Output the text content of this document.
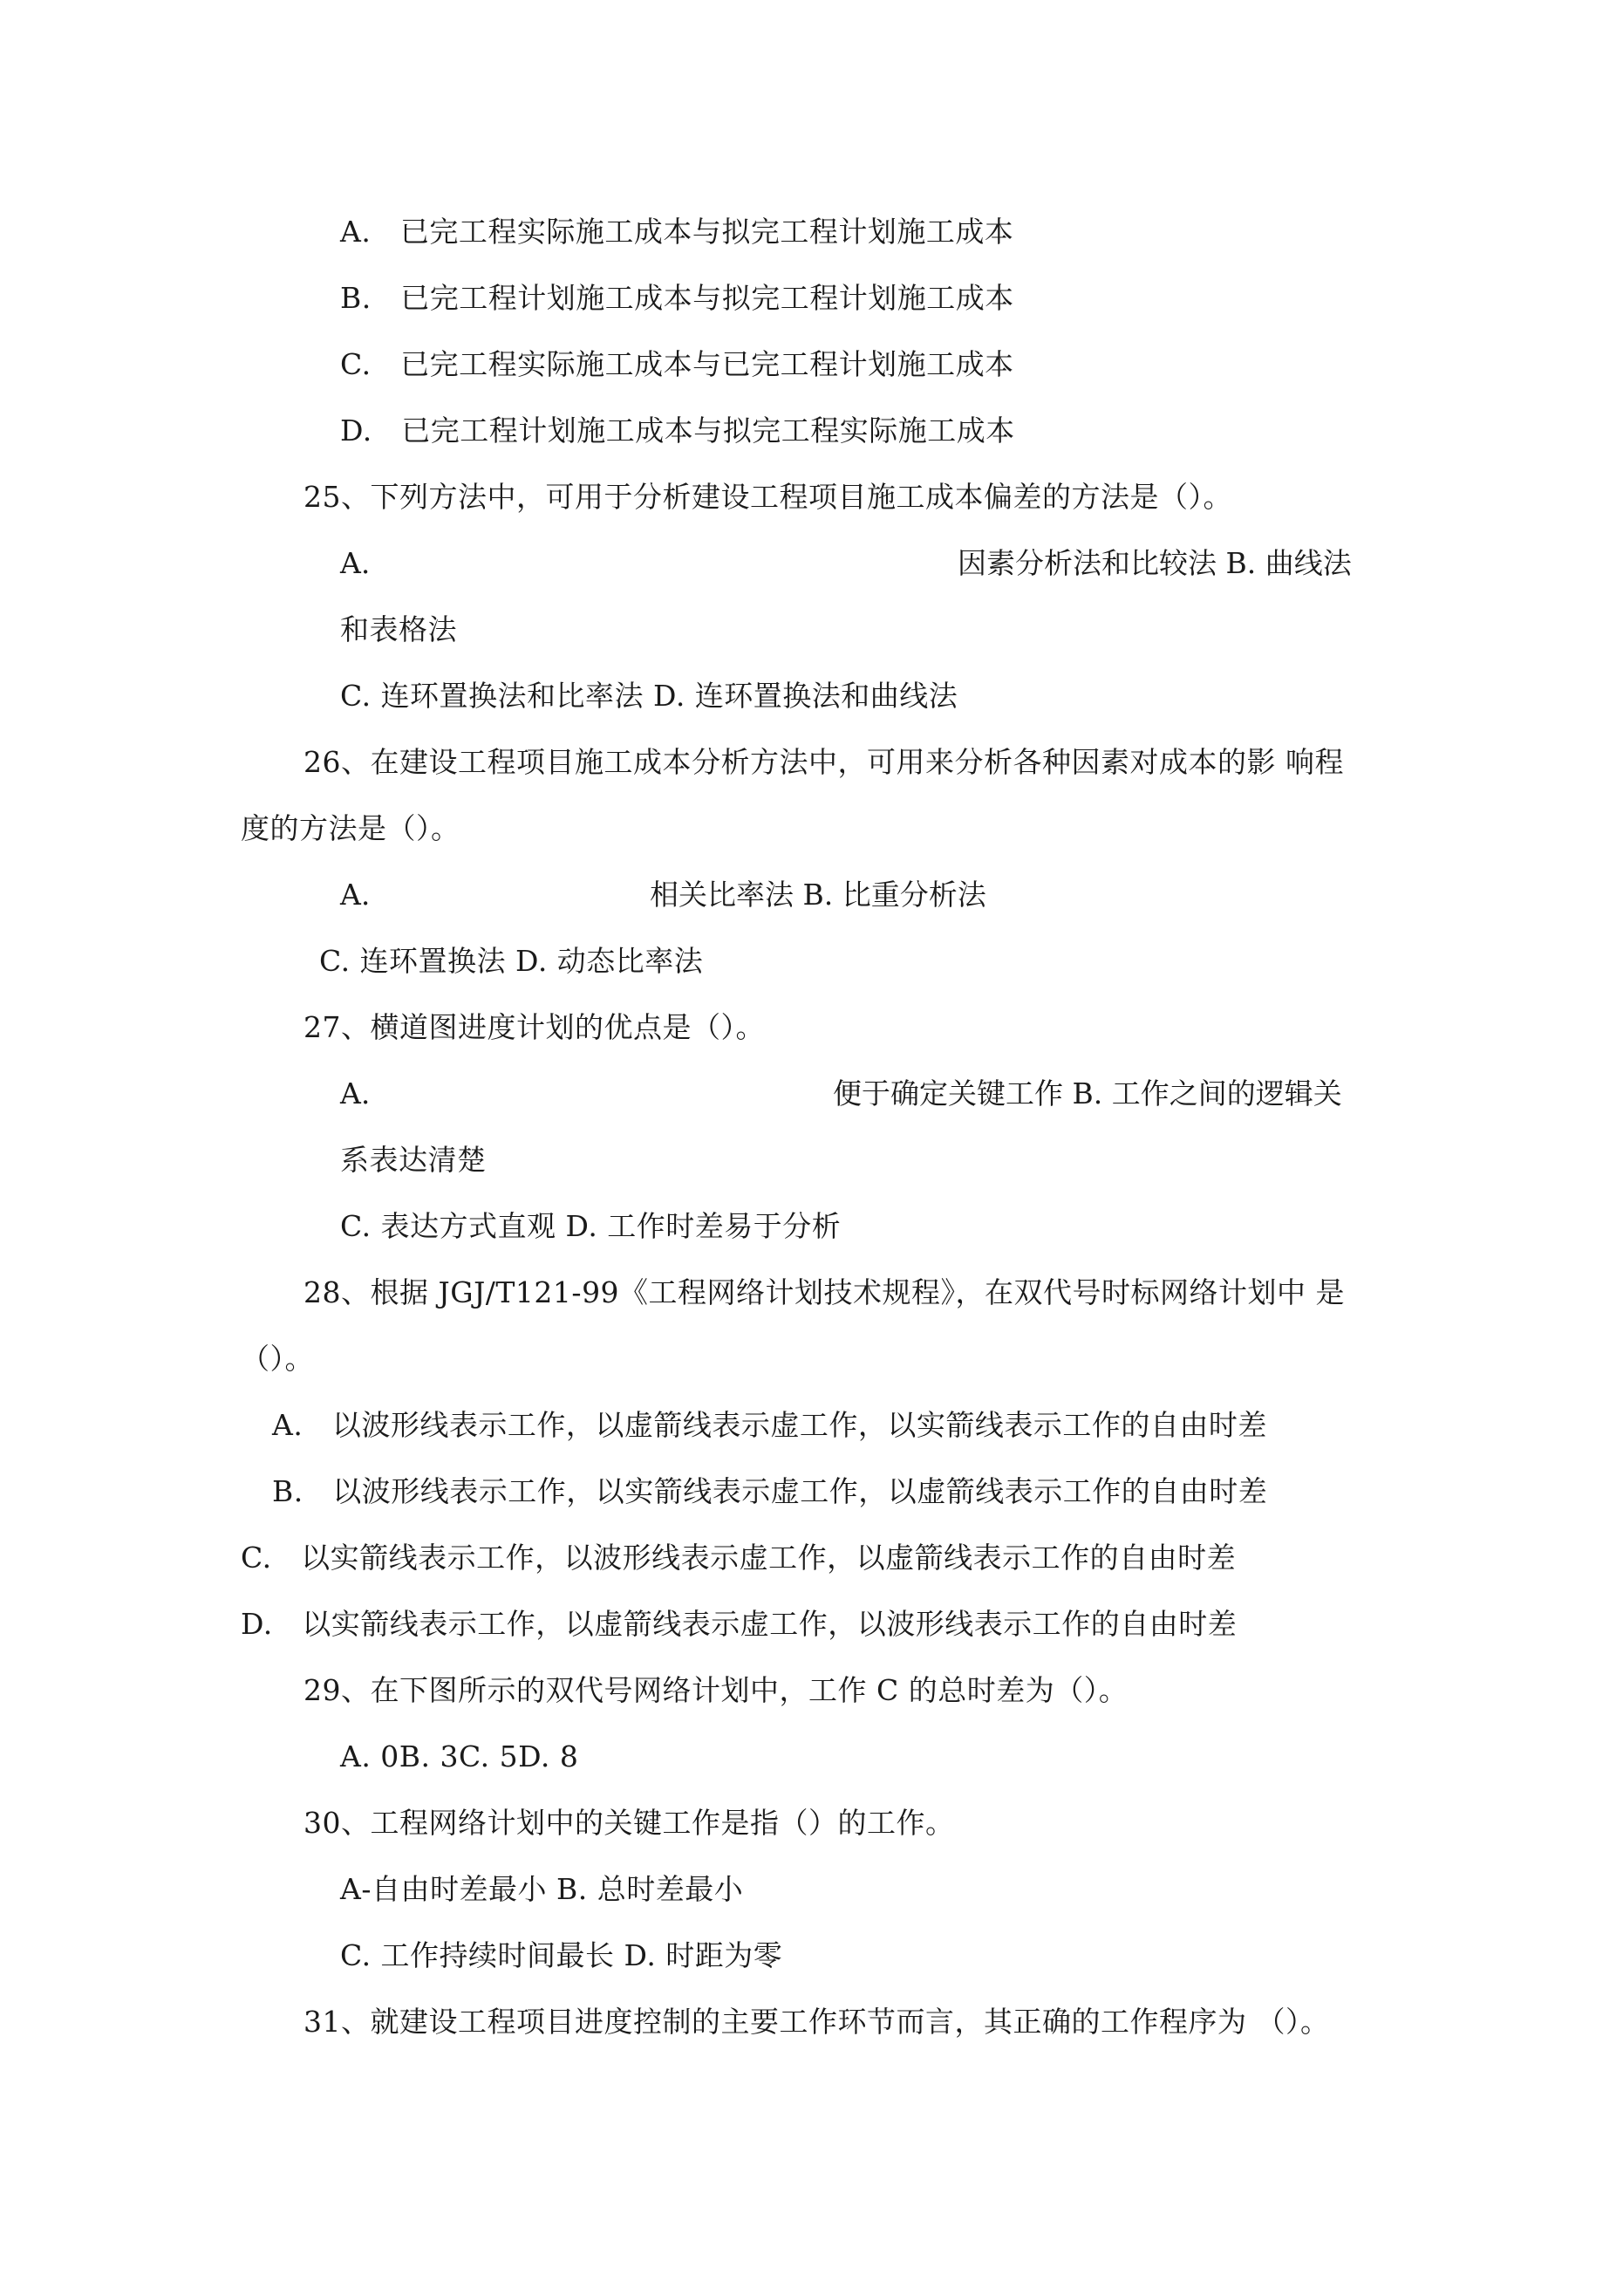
A.　已完工程实际施工成本与拟完工程计划施工成本
B.　已完工程计划施工成本与拟完工程计划施工成本
C.　已完工程实际施工成本与已完工程计划施工成本
D.　已完工程计划施工成本与拟完工程实际施工成本
25、下列方法中，可用于分析建设工程项目施工成本偏差的方法是（）。
A.	因素分析法和比较法 B. 曲线法
和表格法
C. 连环置换法和比率法 D. 连环置换法和曲线法
26、在建设工程项目施工成本分析方法中，可用来分析各种因素对成本的影 响程
度的方法是（）。
A.	相关比率法 B. 比重分析法
C. 连环置换法 D. 动态比率法
27、横道图进度计划的优点是（）。
A.	便于确定关键工作 B. 工作之间的逻辑关
系表达清楚
C. 表达方式直观 D. 工作时差易于分析
28、根据 JGJ/T121-99《工程网络计划技术规程》，在双代号时标网络计划中 是
（）。
A.　以波形线表示工作，以虚箭线表示虚工作，以实箭线表示工作的自由时差
B.　以波形线表示工作，以实箭线表示虚工作，以虚箭线表示工作的自由时差
C.　以实箭线表示工作，以波形线表示虚工作，以虚箭线表示工作的自由时差
D.　以实箭线表示工作，以虚箭线表示虚工作，以波形线表示工作的自由时差
29、在下图所示的双代号网络计划中，工作 C 的总时差为（）。
A. 0B. 3C. 5D. 8
30、工程网络计划中的关键工作是指（）的工作。
A-自由时差最小 B. 总时差最小
C. 工作持续时间最长 D. 时距为零
31、就建设工程项目进度控制的主要工作环节而言，其正确的工作程序为 （）。
